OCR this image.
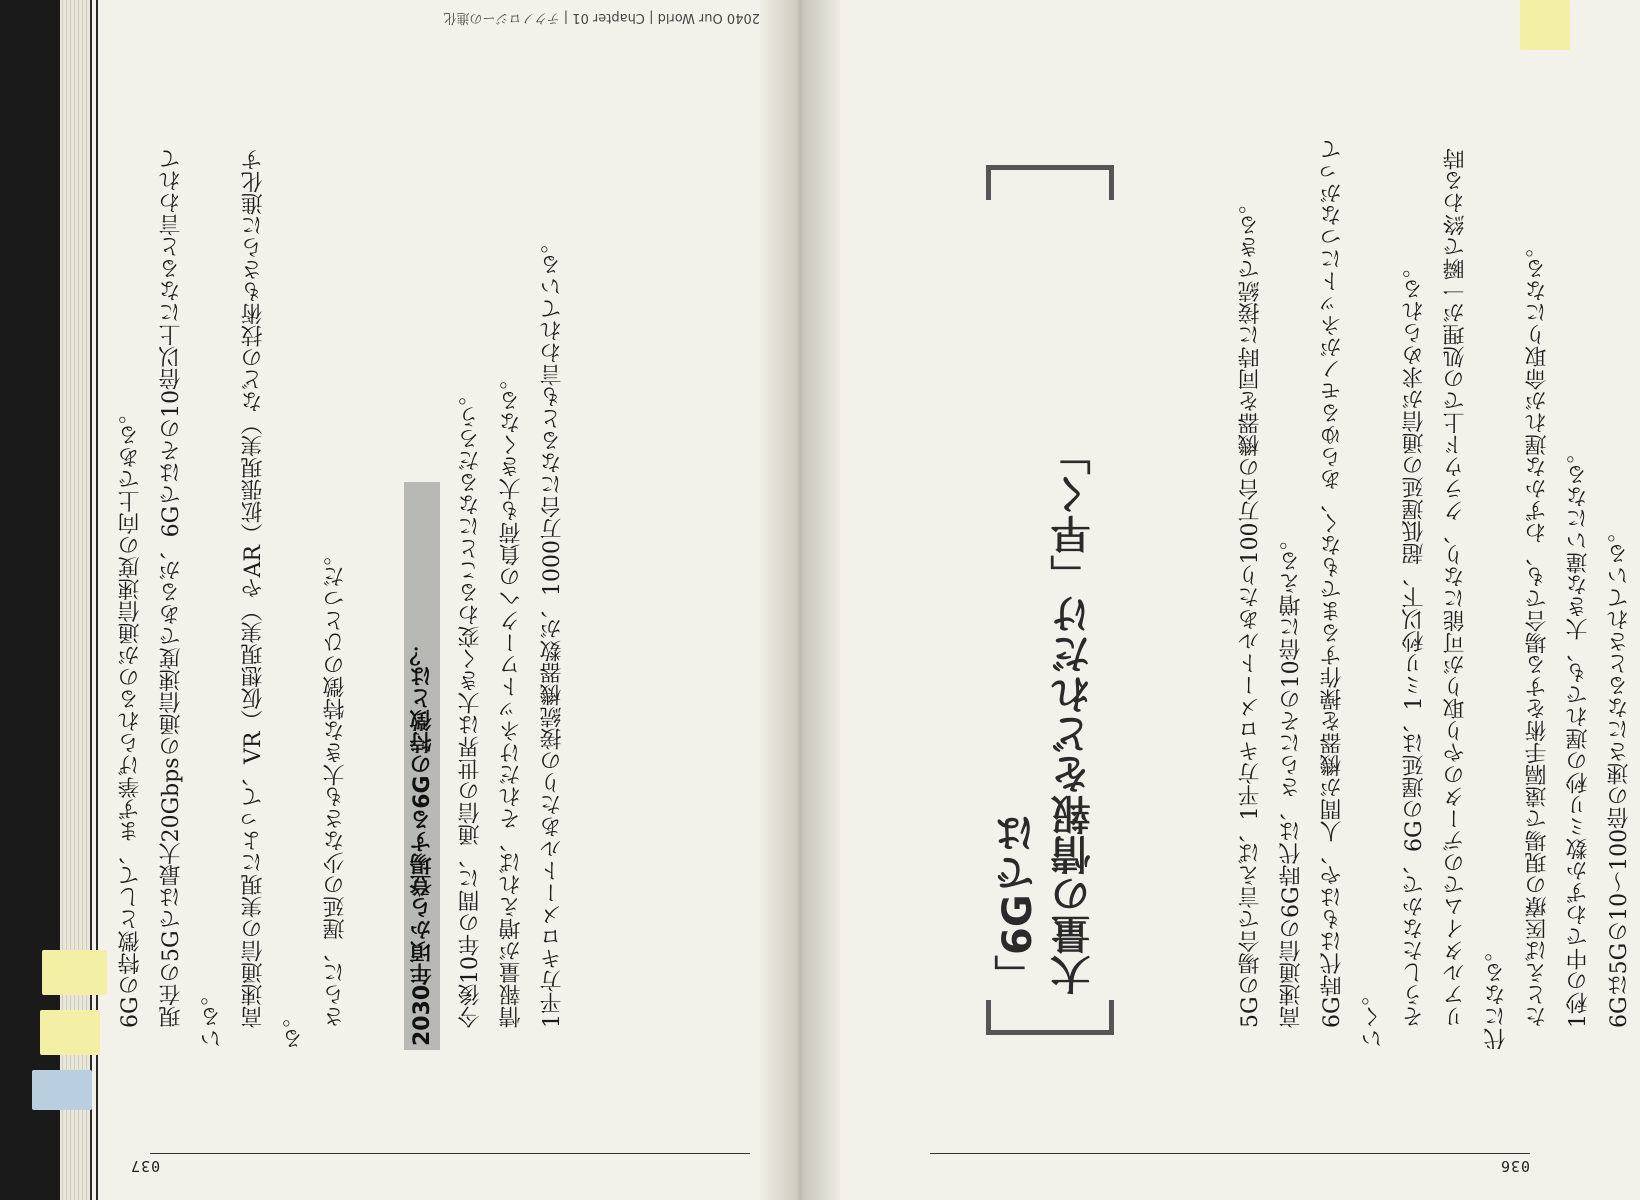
036

5Gの場合で言えば、1平方キロメートルあたり100万台の機器を同時に接続できる。 高速通信の6G時代は、さらにその10倍に増える。 6G時代はもはや、人間が機器を操作するまでもなく、あらゆるモノがネットにつながっていく。 そうしたなかで、6Gの遅延は、1ミリ秒以下、超低遅延の通信が求められる。 リアルタイムでのデータのやり取りが可能になり、クラウド上での処理が一瞬で終わる時代になる。 たとえば医療の現場で遠隔手術をする場合でも、わずかな遅れが命取りになる。 1秒の中でわずか数ミリ秒の遅れでも、大きな違いになる。 6Gは5Gの10〜100倍の速さになるとされている。

「6Gでは 大量の情報をどれだけ「早く」
037

今後10年の間に、通信の世界は大きく変わることになるだろう。 情報量が増えれば、それだけネットワークへの負荷も大きくなる。 1平方キロメートルあたりの接続機器数が、1000万台になるとも言われている。

2030年頃から登場する6Gの特徴とは？

6Gの特徴として、まず挙げられるのが通信速度の向上である。 現在の5Gでは最大20Gbpsの通信速度であるが、6Gではその10倍以上になると言われている。 高速通信の実現によって、VR（仮想現実）やAR（拡張現実）などの技術もさらに進化する。 さらに、遅延の少なさも大きな特徴のひとつだ。

2040 Our World | Chapter 01 | テクノロジーの進化
